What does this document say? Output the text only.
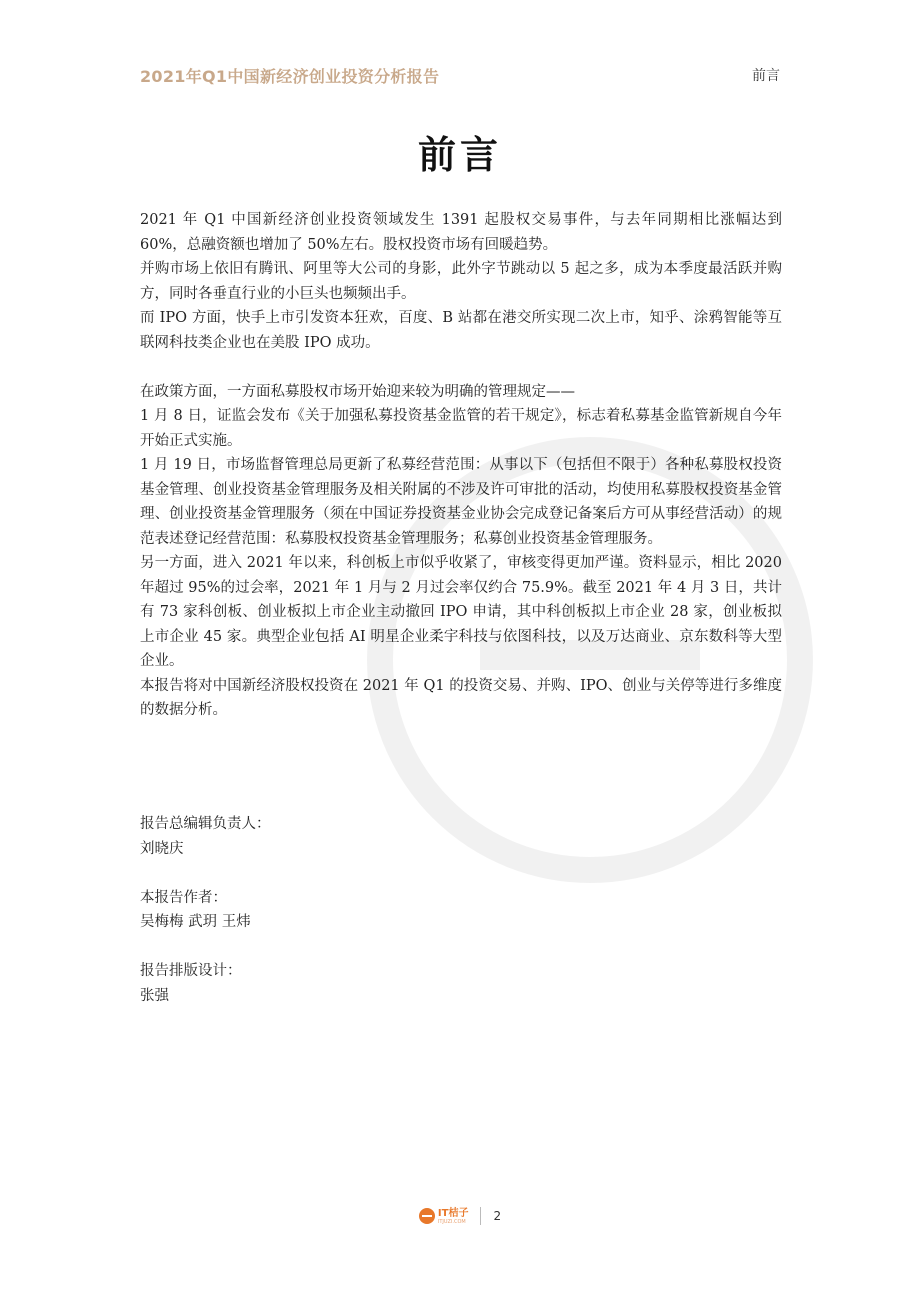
2021年Q1中国新经济创业投资分析报告	前言
前言

2021 年 Q1 中国新经济创业投资领域发生 1391 起股权交易事件，与去年同期相比涨幅达到 60%，总融资额也增加了 50%左右。股权投资市场有回暖趋势。

并购市场上依旧有腾讯、阿里等大公司的身影，此外字节跳动以 5 起之多，成为本季度最活跃并购方，同时各垂直行业的小巨头也频频出手。

而 IPO 方面，快手上市引发资本狂欢，百度、B 站都在港交所实现二次上市，知乎、涂鸦智能等互联网科技类企业也在美股 IPO 成功。

在政策方面，一方面私募股权市场开始迎来较为明确的管理规定——

1 月 8 日，证监会发布《关于加强私募投资基金监管的若干规定》，标志着私募基金监管新规自今年开始正式实施。

1 月 19 日，市场监督管理总局更新了私募经营范围：从事以下（包括但不限于）各种私募股权投资基金管理、创业投资基金管理服务及相关附属的不涉及许可审批的活动，均使用私募股权投资基金管理、创业投资基金管理服务（须在中国证券投资基金业协会完成登记备案后方可从事经营活动）的规范表述登记经营范围：私募股权投资基金管理服务；私募创业投资基金管理服务。

另一方面，进入 2021 年以来，科创板上市似乎收紧了，审核变得更加严谨。资料显示，相比 2020 年超过 95%的过会率，2021 年 1 月与 2 月过会率仅约合 75.9%。截至 2021 年 4 月 3 日，共计有 73 家科创板、创业板拟上市企业主动撤回 IPO 申请，其中科创板拟上市企业 28 家，创业板拟上市企业 45 家。典型企业包括 AI 明星企业柔宇科技与依图科技，以及万达商业、京东数科等大型企业。

本报告将对中国新经济股权投资在 2021 年 Q1 的投资交易、并购、IPO、创业与关停等进行多维度的数据分析。

报告总编辑负责人：
刘晓庆
本报告作者：
吴梅梅 武玥 王炜
报告排版设计：
张强
IT桔子
ITJUZI.COM 2
